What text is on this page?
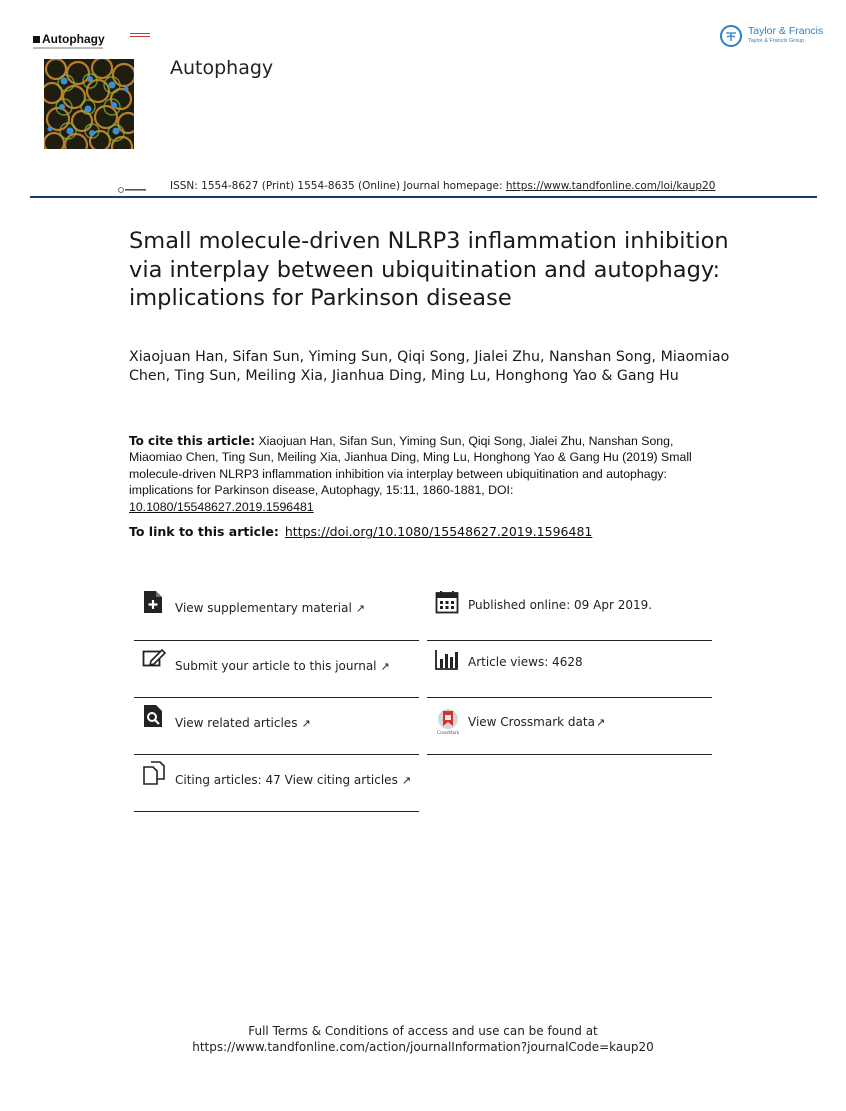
Autophagy
Autophagy
Taylor & Francis
Taylor & Francis Group
ISSN: 1554-8627 (Print) 1554-8635 (Online) Journal homepage: https://www.tandfonline.com/loi/kaup20
Small molecule-driven NLRP3 inflammation inhibition via interplay between ubiquitination and autophagy: implications for Parkinson disease
Xiaojuan Han, Sifan Sun, Yiming Sun, Qiqi Song, Jialei Zhu, Nanshan Song, Miaomiao Chen, Ting Sun, Meiling Xia, Jianhua Ding, Ming Lu, Honghong Yao & Gang Hu
To cite this article: Xiaojuan Han, Sifan Sun, Yiming Sun, Qiqi Song, Jialei Zhu, Nanshan Song, Miaomiao Chen, Ting Sun, Meiling Xia, Jianhua Ding, Ming Lu, Honghong Yao & Gang Hu (2019) Small molecule-driven NLRP3 inflammation inhibition via interplay between ubiquitination and autophagy: implications for Parkinson disease, Autophagy, 15:11, 1860-1881, DOI:
10.1080/15548627.2019.1596481
To link to this article: https://doi.org/10.1080/15548627.2019.1596481
View supplementary material ↗︎
Submit your article to this journal ↗︎
View related articles ↗︎
Citing articles: 47 View citing articles ↗︎
Published online: 09 Apr 2019.
Article views: 4628
CrossMark
View Crossmark data↗︎
Full Terms & Conditions of access and use can be found at
https://www.tandfonline.com/action/journalInformation?journalCode=kaup20
